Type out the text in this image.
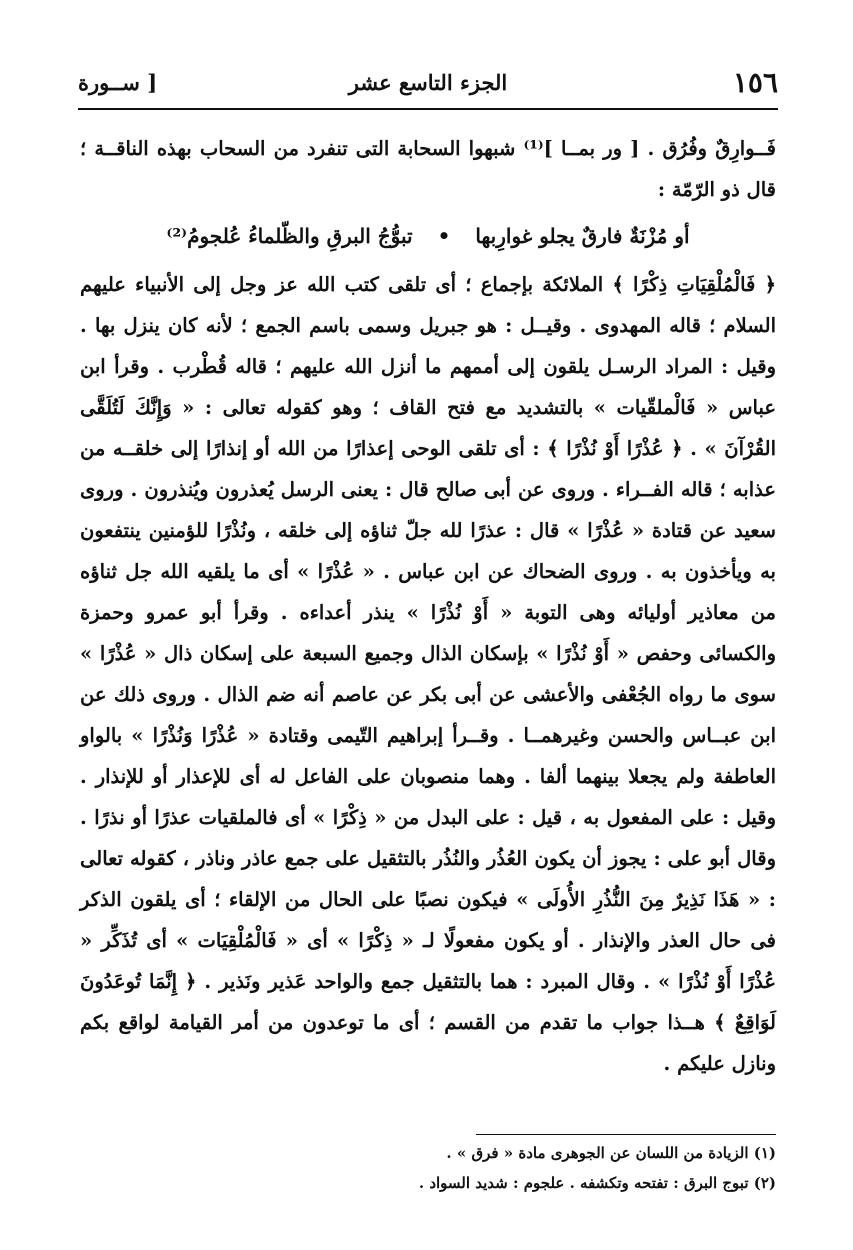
١٥٦
الجزء التاسع عشر
[ ســورة

فَــوارِقٌ وفُرُق . [ ور بمــا ]⁽¹⁾ شبهوا السحابة التى تنفرد من السحاب بهذه الناقــة ؛ قال ذو الرّمّة :

أو مُزْنَةٌ فارقٌ يجلو غوارِبها • تبوُّجُ البرقِ والظّلماءُ عُلجومُ⁽²⁾

﴿ فَالْمُلْقِيَاتِ ذِكْرًا ﴾ الملائكة بإجماع ؛ أى تلقى كتب الله عز وجل إلى الأنبياء عليهم السلام ؛ قاله المهدوى . وقيــل : هو جبريل وسمى باسم الجمع ؛ لأنه كان ينزل بها . وقيل : المراد الرسـل يلقون إلى أممهم ما أنزل الله عليهم ؛ قاله قُطْرب . وقرأ ابن عباس « فَالْملقّيات » بالتشديد مع فتح القاف ؛ وهو كقوله تعالى : « وَإِنَّكَ لَتُلَقَّى القُرْآنَ » . ﴿ عُذْرًا أَوْ نُذْرًا ﴾ : أى تلقى الوحى إعذارًا من الله أو إنذارًا إلى خلقــه من عذابه ؛ قاله الفــراء . وروى عن أبى صالح قال : يعنى الرسل يُعذرون ويُنذرون . وروى سعيد عن قتادة « عُذْرًا » قال : عذرًا لله جلّ ثناؤه إلى خلقه ، ونُذْرًا للؤمنين ينتفعون به ويأخذون به . وروى الضحاك عن ابن عباس . « عُذْرًا » أى ما يلقيه الله جل ثناؤه من معاذير أوليائه وهى التوبة « أَوْ نُذْرًا » ينذر أعداءه . وقرأ أبو عمرو وحمزة والكسائى وحفص « أَوْ نُذْرًا » بإسكان الذال وجميع السبعة على إسكان ذال « عُذْرًا » سوى ما رواه الجُعْفى والأعشى عن أبى بكر عن عاصم أنه ضم الذال . وروى ذلك عن ابن عبــاس والحسن وغيرهمــا . وقــرأ إبراهيم التّيمى وقتادة « عُذْرًا وَنُذْرًا » بالواو العاطفة ولم يجعلا بينهما ألفا . وهما منصوبان على الفاعل له أى للإعذار أو للإنذار . وقيل : على المفعول به ، قيل : على البدل من « ذِكْرًا » أى فالملقيات عذرًا أو نذرًا . وقال أبو على : يجوز أن يكون العُذُر والنُذُر بالتثقيل على جمع عاذر وناذر ، كقوله تعالى : « هَذَا نَذِيرٌ مِنَ النُّذُرِ الأُولَى » فيكون نصبًا على الحال من الإلقاء ؛ أى يلقون الذكر فى حال العذر والإنذار . أو يكون مفعولًا لـ « ذِكْرًا » أى « فَالْمُلْقِيَات » أى تُذَكِّر « عُذْرًا أَوْ نُذْرًا » . وقال المبرد : هما بالتثقيل جمع والواحد عَذير ونَذير . ﴿ إِنَّمَا تُوعَدُونَ لَوَاقِعٌ ﴾ هــذا جواب ما تقدم من القسم ؛ أى ما توعدون من أمر القيامة لواقع بكم ونازل عليكم .

(١) الزيادة من اللسان عن الجوهرى مادة « فرق » .

(٢) تبوج البرق : تفتحه وتكشفه . علجوم : شديد السواد .
